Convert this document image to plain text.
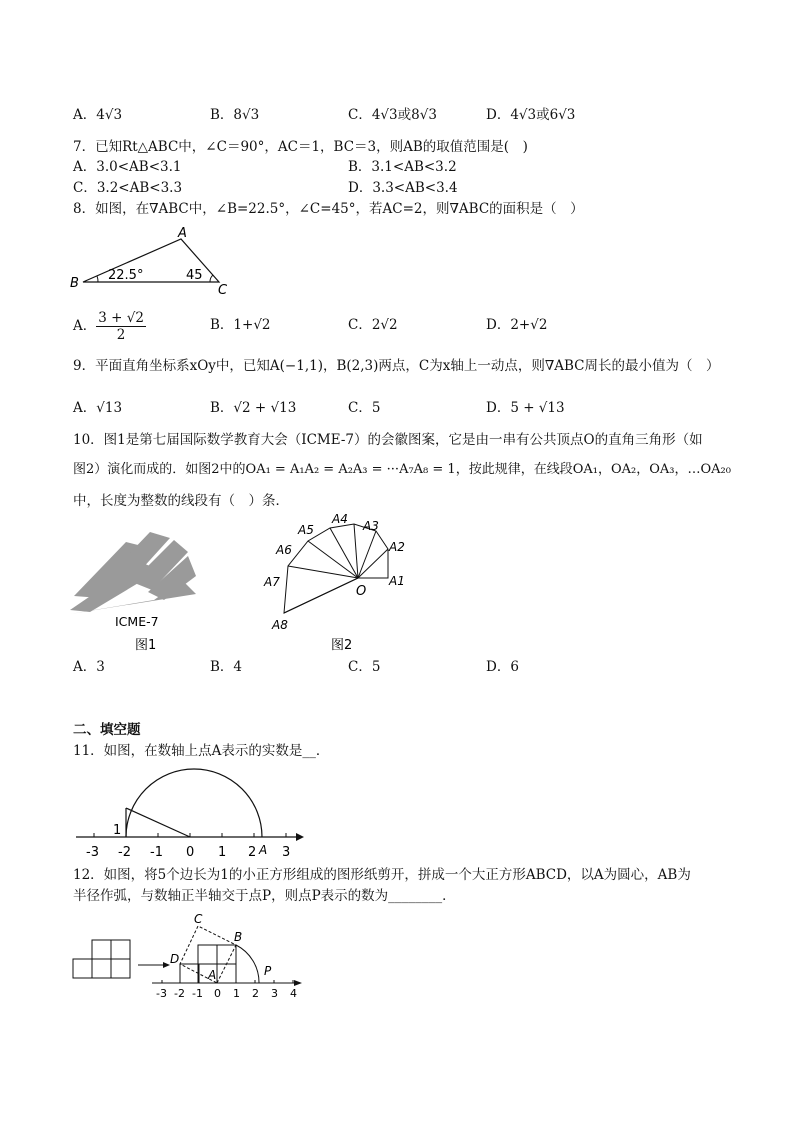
A．4√3	B．8√3	C．4√3或8√3	D．4√3或6√3
7．已知Rt△ABC中，∠C＝90°，AC＝1，BC＝3，则AB的取值范围是(　)
A．3.0<AB<3.1	B．3.1<AB<3.2
C．3.2<AB<3.3	D．3.3<AB<3.4
8．如图，在∇ABC中，∠B=22.5°，∠C=45°，若AC=2，则∇ABC的面积是（　）
A
B	C
22.5°	45
A． $\frac{3 + √2}{2}$	B．1+√2	C．2√2	D．2+√2
9．平面直角坐标系xOy中，已知A(−1,1)，B(2,3)两点，C为x轴上一动点，则∇ABC周长的最小值为（　）
A．√13	B．√2 + √13	C．5	D．5 + √13
10．图1是第七届国际数学教育大会（ICME-7）的会徽图案，它是由一串有公共顶点O的直角三角形（如
图2）演化而成的．如图2中的OA₁ = A₁A₂ = A₂A₃ = ···A₇A₈ = 1，按此规律，在线段OA₁，OA₂，OA₃，…OA₂₀
中，长度为整数的线段有（　）条．
ICME-7
图1
A1
A2
A3
A4
A5
A6
A7
A8
O
图2
A．3	B．4	C．5	D．6
二、填空题
11．如图，在数轴上点A表示的实数是__．
-3 -2 -1 0 1 2 3
1
A
12．如图，将5个边长为1的小正方形组成的图形纸剪开，拼成一个大正方形ABCD，以A为圆心，AB为
半径作弧，与数轴正半轴交于点P，则点P表示的数为________．
A
B
C
D
P
-3 -2 -1 0 1 2 3 4
